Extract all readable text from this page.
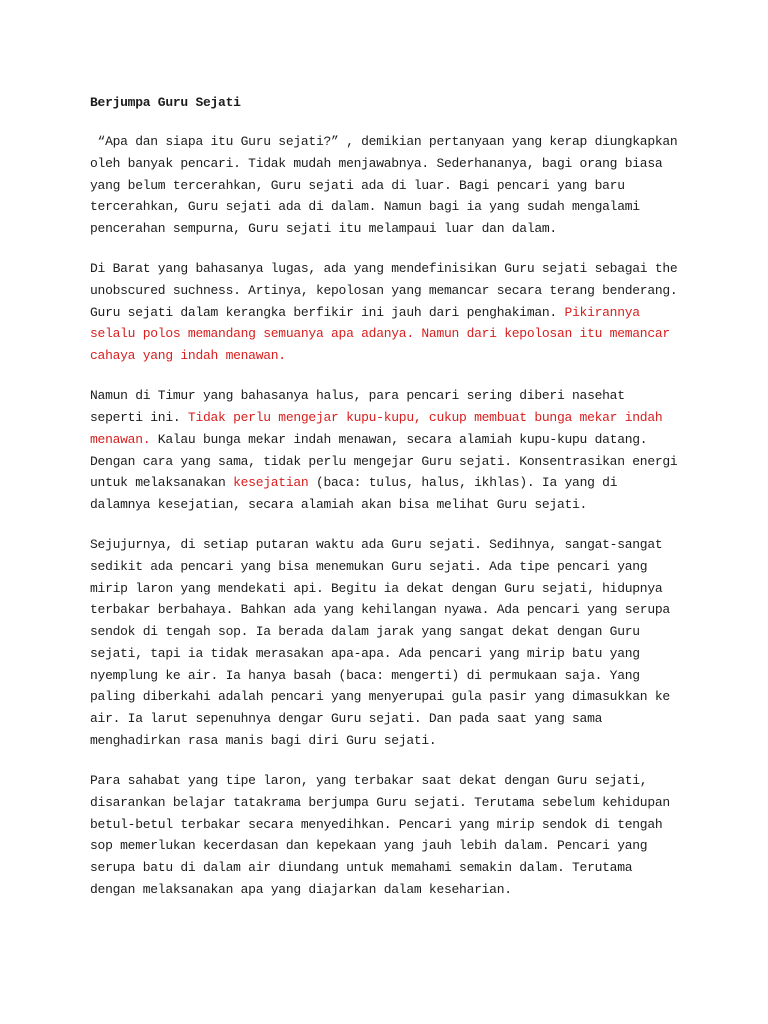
Berjumpa Guru Sejati
“Apa dan siapa itu Guru sejati?” , demikian pertanyaan yang kerap diungkapkan
oleh banyak pencari. Tidak mudah menjawabnya. Sederhananya, bagi orang biasa
yang belum tercerahkan, Guru sejati ada di luar. Bagi pencari yang baru
tercerahkan, Guru sejati ada di dalam. Namun bagi ia yang sudah mengalami
pencerahan sempurna, Guru sejati itu melampaui luar dan dalam.
Di Barat yang bahasanya lugas, ada yang mendefinisikan Guru sejati sebagai the
unobscured suchness. Artinya, kepolosan yang memancar secara terang benderang.
Guru sejati dalam kerangka berfikir ini jauh dari penghakiman. Pikirannya
selalu polos memandang semuanya apa adanya. Namun dari kepolosan itu memancar
cahaya yang indah menawan.
Namun di Timur yang bahasanya halus, para pencari sering diberi nasehat
seperti ini. Tidak perlu mengejar kupu-kupu, cukup membuat bunga mekar indah
menawan. Kalau bunga mekar indah menawan, secara alamiah kupu-kupu datang.
Dengan cara yang sama, tidak perlu mengejar Guru sejati. Konsentrasikan energi
untuk melaksanakan kesejatian (baca: tulus, halus, ikhlas). Ia yang di
dalamnya kesejatian, secara alamiah akan bisa melihat Guru sejati.
Sejujurnya, di setiap putaran waktu ada Guru sejati. Sedihnya, sangat-sangat
sedikit ada pencari yang bisa menemukan Guru sejati. Ada tipe pencari yang
mirip laron yang mendekati api. Begitu ia dekat dengan Guru sejati, hidupnya
terbakar berbahaya. Bahkan ada yang kehilangan nyawa. Ada pencari yang serupa
sendok di tengah sop. Ia berada dalam jarak yang sangat dekat dengan Guru
sejati, tapi ia tidak merasakan apa-apa. Ada pencari yang mirip batu yang
nyemplung ke air. Ia hanya basah (baca: mengerti) di permukaan saja. Yang
paling diberkahi adalah pencari yang menyerupai gula pasir yang dimasukkan ke
air. Ia larut sepenuhnya dengar Guru sejati. Dan pada saat yang sama
menghadirkan rasa manis bagi diri Guru sejati.
Para sahabat yang tipe laron, yang terbakar saat dekat dengan Guru sejati,
disarankan belajar tatakrama berjumpa Guru sejati. Terutama sebelum kehidupan
betul-betul terbakar secara menyedihkan. Pencari yang mirip sendok di tengah
sop memerlukan kecerdasan dan kepekaan yang jauh lebih dalam. Pencari yang
serupa batu di dalam air diundang untuk memahami semakin dalam. Terutama
dengan melaksanakan apa yang diajarkan dalam keseharian.
